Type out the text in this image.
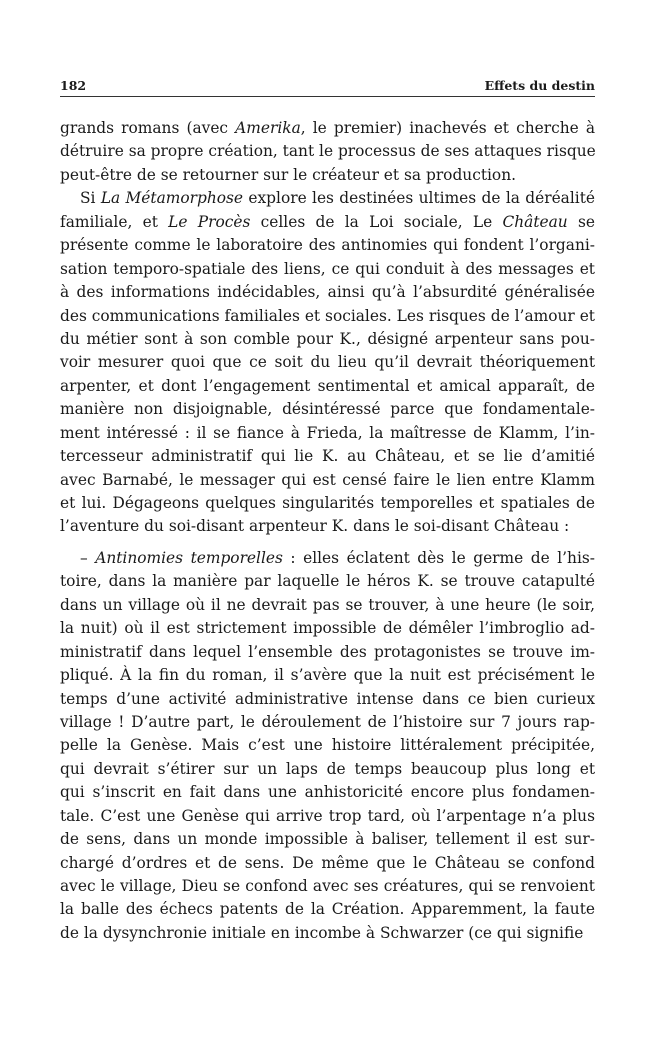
182	Effets du destin
grands romans (avec Amerika, le premier) inachevés et cherche à
détruire sa propre création, tant le processus de ses attaques risque
peut-être de se retourner sur le créateur et sa production.
Si La Métamorphose explore les destinées ultimes de la déréalité
familiale, et Le Procès celles de la Loi sociale, Le Château se
présente comme le laboratoire des antinomies qui fondent l’organi-
sation temporo-spatiale des liens, ce qui conduit à des messages et
à des informations indécidables, ainsi qu’à l’absurdité généralisée
des communications familiales et sociales. Les risques de l’amour et
du métier sont à son comble pour K., désigné arpenteur sans pou-
voir mesurer quoi que ce soit du lieu qu’il devrait théoriquement
arpenter, et dont l’engagement sentimental et amical apparaît, de
manière non disjoignable, désintéressé parce que fondamentale-
ment intéressé : il se fiance à Frieda, la maîtresse de Klamm, l’in-
tercesseur administratif qui lie K. au Château, et se lie d’amitié
avec Barnabé, le messager qui est censé faire le lien entre Klamm
et lui. Dégageons quelques singularités temporelles et spatiales de
l’aventure du soi-disant arpenteur K. dans le soi-disant Château :
– Antinomies temporelles : elles éclatent dès le germe de l’his-
toire, dans la manière par laquelle le héros K. se trouve catapulté
dans un village où il ne devrait pas se trouver, à une heure (le soir,
la nuit) où il est strictement impossible de démêler l’imbroglio ad-
ministratif dans lequel l’ensemble des protagonistes se trouve im-
pliqué. À la fin du roman, il s’avère que la nuit est précisément le
temps d’une activité administrative intense dans ce bien curieux
village ! D’autre part, le déroulement de l’histoire sur 7 jours rap-
pelle la Genèse. Mais c’est une histoire littéralement précipitée,
qui devrait s’étirer sur un laps de temps beaucoup plus long et
qui s’inscrit en fait dans une anhistoricité encore plus fondamen-
tale. C’est une Genèse qui arrive trop tard, où l’arpentage n’a plus
de sens, dans un monde impossible à baliser, tellement il est sur-
chargé d’ordres et de sens. De même que le Château se confond
avec le village, Dieu se confond avec ses créatures, qui se renvoient
la balle des échecs patents de la Création. Apparemment, la faute
de la dysynchronie initiale en incombe à Schwarzer (ce qui signifie
